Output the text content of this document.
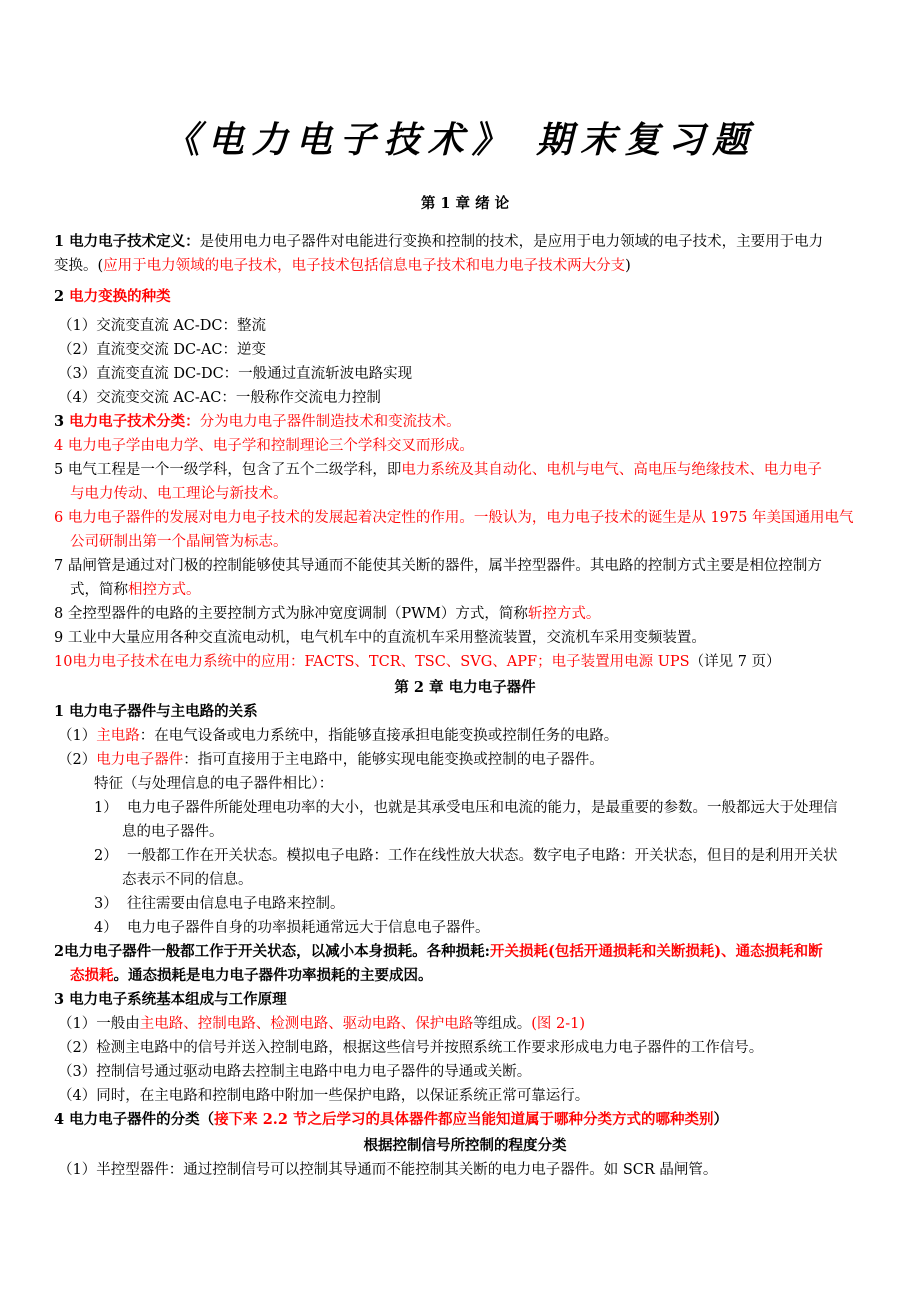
《电力电子技术》 期末复习题
第 1 章 绪 论
1 电力电子技术定义：是使用电力电子器件对电能进行变换和控制的技术，是应用于电力领域的电子技术，主要用于电力
变换。(应用于电力领域的电子技术，电子技术包括信息电子技术和电力电子技术两大分支)
2 电力变换的种类
（1）交流变直流 AC-DC：整流
（2）直流变交流 DC-AC：逆变
（3）直流变直流 DC-DC：一般通过直流斩波电路实现
（4）交流变交流 AC-AC：一般称作交流电力控制
3 电力电子技术分类：分为电力电子器件制造技术和变流技术。
4 电力电子学由电力学、电子学和控制理论三个学科交叉而形成。
5 电气工程是一个一级学科，包含了五个二级学科，即电力系统及其自动化、电机与电气、高电压与绝缘技术、电力电子
与电力传动、电工理论与新技术。
6 电力电子器件的发展对电力电子技术的发展起着决定性的作用。一般认为，电力电子技术的诞生是从 1975 年美国通用电气
公司研制出第一个晶闸管为标志。
7 晶闸管是通过对门极的控制能够使其导通而不能使其关断的器件，属半控型器件。其电路的控制方式主要是相位控制方
式，简称相控方式。
8 全控型器件的电路的主要控制方式为脉冲宽度调制（PWM）方式，简称斩控方式。
9 工业中大量应用各种交直流电动机，电气机车中的直流机车采用整流装置，交流机车采用变频装置。
10电力电子技术在电力系统中的应用：FACTS、TCR、TSC、SVG、APF；电子装置用电源 UPS（详见 7 页）
第 2 章 电力电子器件
1 电力电子器件与主电路的关系
（1）主电路：在电气设备或电力系统中，指能够直接承担电能变换或控制任务的电路。
（2）电力电子器件：指可直接用于主电路中，能够实现电能变换或控制的电子器件。
特征（与处理信息的电子器件相比）：
1） 电力电子器件所能处理电功率的大小，也就是其承受电压和电流的能力，是最重要的参数。一般都远大于处理信
息的电子器件。
2） 一般都工作在开关状态。模拟电子电路：工作在线性放大状态。数字电子电路：开关状态，但目的是利用开关状
态表示不同的信息。
3） 往往需要由信息电子电路来控制。
4） 电力电子器件自身的功率损耗通常远大于信息电子器件。
2电力电子器件一般都工作于开关状态，以减小本身损耗。各种损耗:开关损耗(包括开通损耗和关断损耗)、通态损耗和断
态损耗。通态损耗是电力电子器件功率损耗的主要成因。
3 电力电子系统基本组成与工作原理
（1）一般由主电路、控制电路、检测电路、驱动电路、保护电路等组成。(图 2-1)
（2）检测主电路中的信号并送入控制电路，根据这些信号并按照系统工作要求形成电力电子器件的工作信号。
（3）控制信号通过驱动电路去控制主电路中电力电子器件的导通或关断。
（4）同时，在主电路和控制电路中附加一些保护电路，以保证系统正常可靠运行。
4 电力电子器件的分类（接下来 2.2 节之后学习的具体器件都应当能知道属于哪种分类方式的哪种类别）
根据控制信号所控制的程度分类
（1）半控型器件：通过控制信号可以控制其导通而不能控制其关断的电力电子器件。如 SCR 晶闸管。
